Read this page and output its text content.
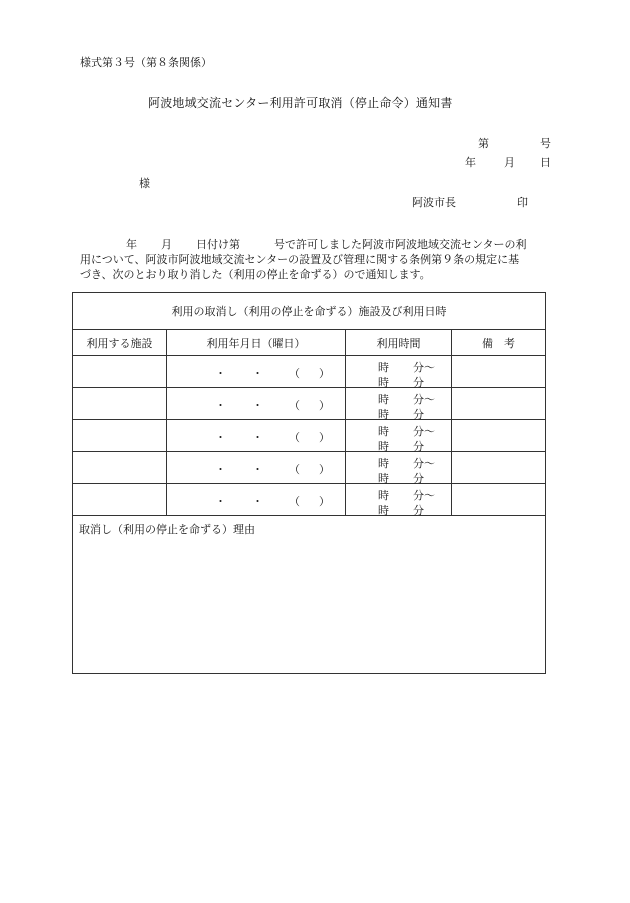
様式第３号（第８条関係）
阿波地域交流センター利用許可取消（停止命令）通知書
第	号
年	月 日
様
阿波市長	印
年 月 日付け第	号で許可しました阿波市阿波地域交流センターの利
用について、阿波市阿波地域交流センターの設置及び管理に関する条例第９条の規定に基
づき、次のとおり取り消した（利用の停止を命ずる）ので通知します。
利用の取消し（利用の停止を命ずる）施設及び利用日時			
利用する施設	利用年月日（曜日）	利用時間	備　考

	・ ・ （ ）	時 分～
時 分	

	・ ・ （ ）	時 分～
時 分	

	・ ・ （ ）	時 分～
時 分	

	・ ・ （ ）	時 分～
時 分	

	・ ・ （ ）	時 分～
時 分	

取消し（利用の停止を命ずる）理由			
